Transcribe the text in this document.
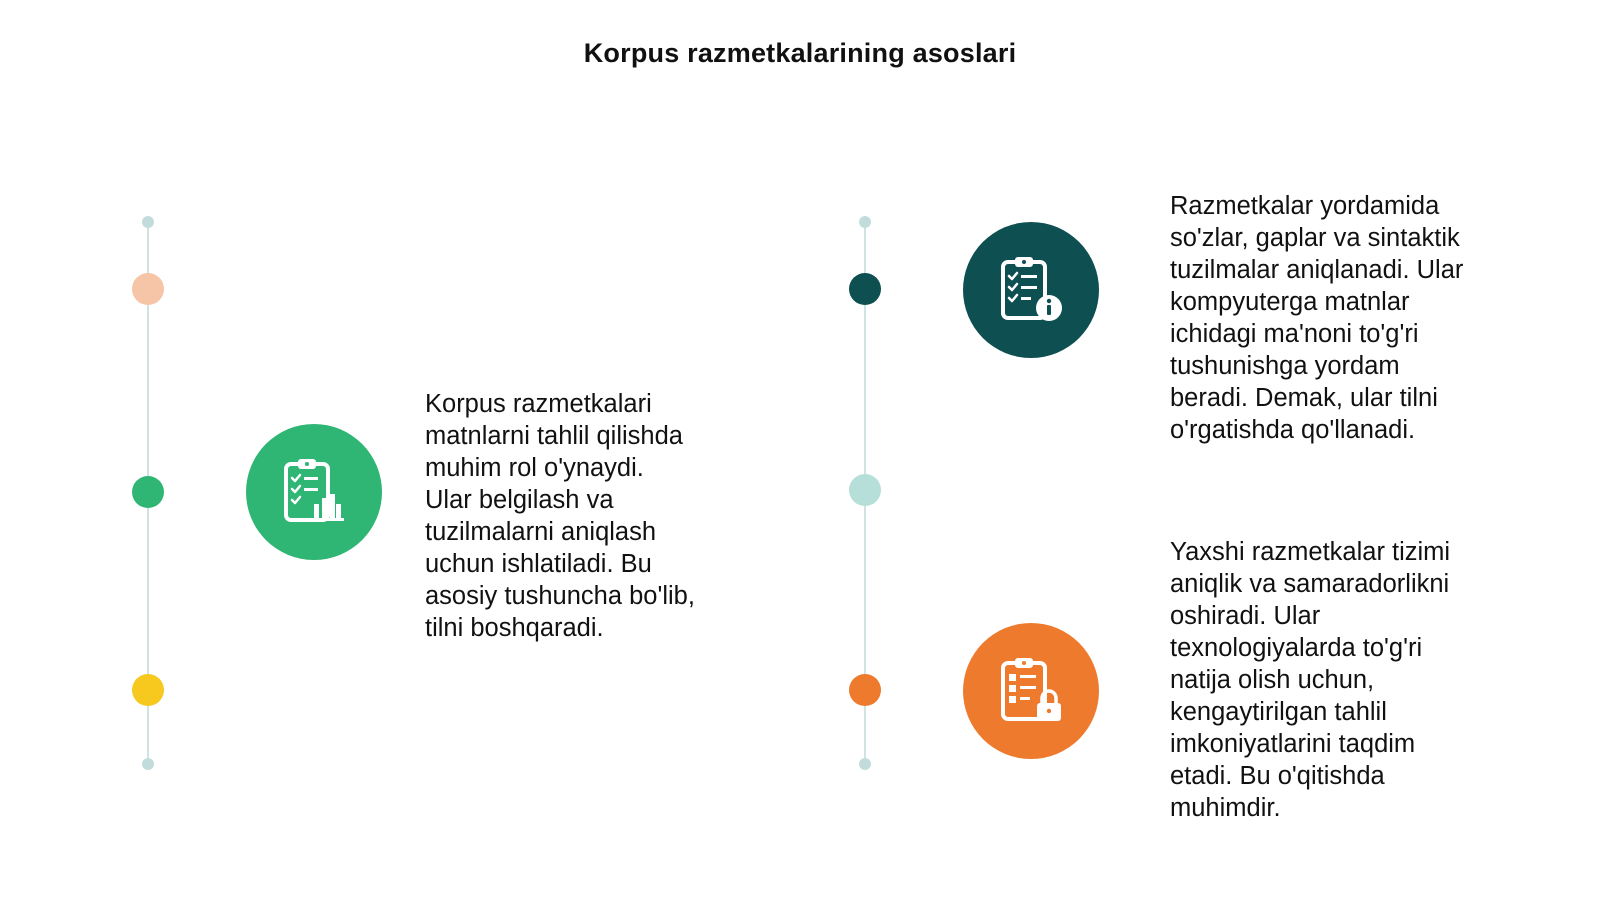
Korpus razmetkalarining asoslari

Korpus razmetkalari
matnlarni tahlil qilishda
muhim rol o'ynaydi.
Ular belgilash va
tuzilmalarni aniqlash
uchun ishlatiladi. Bu
asosiy tushuncha bo'lib,
tilni boshqaradi.

Razmetkalar yordamida
so'zlar, gaplar va sintaktik
tuzilmalar aniqlanadi. Ular
kompyuterga matnlar
ichidagi ma'noni to'g'ri
tushunishga yordam
beradi. Demak, ular tilni
o'rgatishda qo'llanadi.

Yaxshi razmetkalar tizimi
aniqlik va samaradorlikni
oshiradi. Ular
texnologiyalarda to'g'ri
natija olish uchun,
kengaytirilgan tahlil
imkoniyatlarini taqdim
etadi. Bu o'qitishda
muhimdir.
